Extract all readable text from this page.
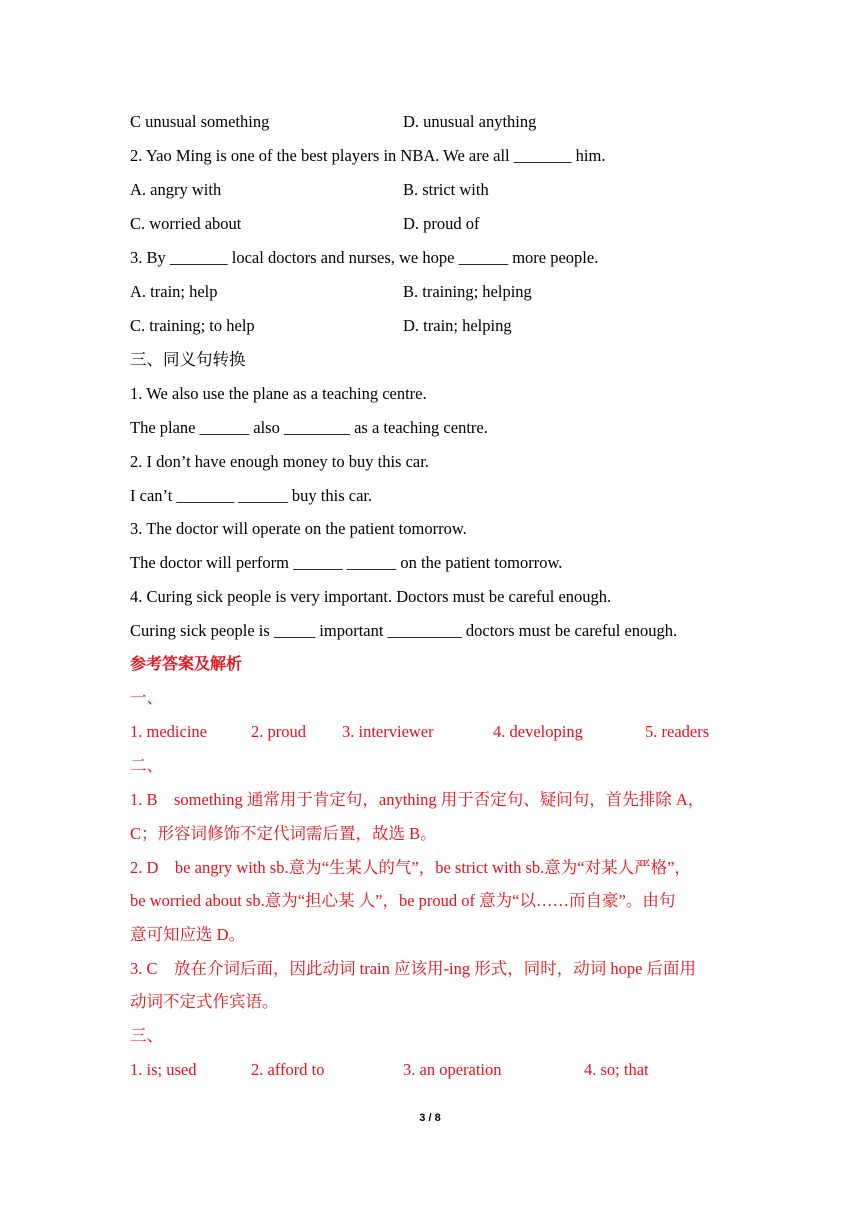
C unusual something	D. unusual anything
2. Yao Ming is one of the best players in NBA. We are all _______ him.
A. angry with	B. strict with
C. worried about	D. proud of
3. By _______ local doctors and nurses, we hope ______ more people.
A. train; help	B. training; helping
C. training; to help	D. train; helping
三、同义句转换
1. We also use the plane as a teaching centre.
The plane ______ also ________ as a teaching centre.
2. I don’t have enough money to buy this car.
I can’t _______ ______ buy this car.
3. The doctor will operate on the patient tomorrow.
The doctor will perform ______ ______ on the patient tomorrow.
4. Curing sick people is very important. Doctors must be careful enough.
Curing sick people is _____ important _________ doctors must be careful enough.
参考答案及解析
一、
1. medicine	2. proud 3. interviewer	4. developing	5. readers
二、
1. B　something 通常用于肯定句，anything 用于否定句、疑问句，首先排除 A，
C；形容词修饰不定代词需后置，故选 B。
2. D　be angry with sb.意为“生某人的气”，be strict with sb.意为“对某人严格”，
be worried about sb.意为“担心某 人”，be proud of 意为“以……而自豪”。由句
意可知应选 D。
3. C　放在介词后面，因此动词 train 应该用-ing 形式，同时，动词 hope 后面用
动词不定式作宾语。
三、
1. is; used	2. afford to	3. an operation	4. so; that
3 / 8
